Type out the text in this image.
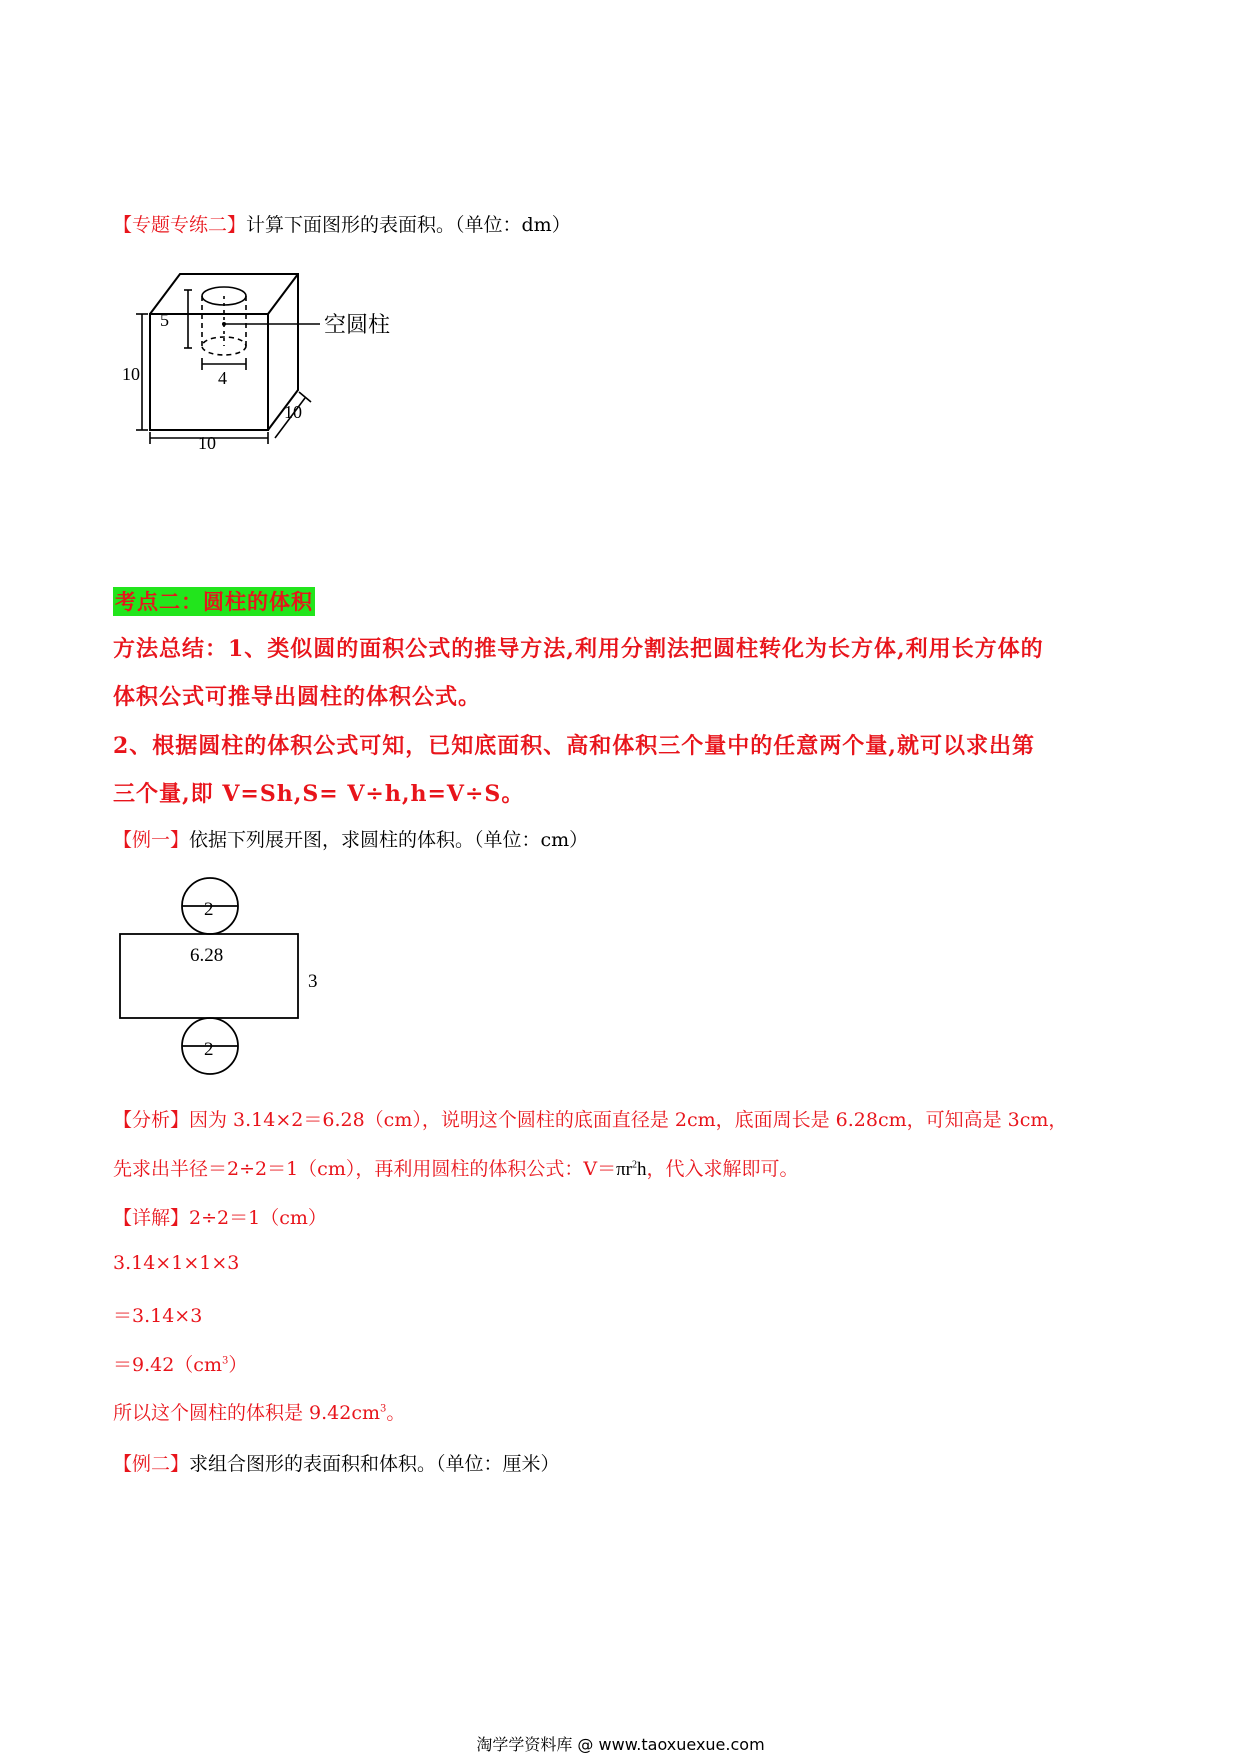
【专题专练二】计算下面图形的表面积。（单位：dm）
5
4
10
10
10
空圆柱
考点二：圆柱的体积
方法总结：1、类似圆的面积公式的推导方法,利用分割法把圆柱转化为长方体,利用长方体的
体积公式可推导出圆柱的体积公式。
2、根据圆柱的体积公式可知，已知底面积、高和体积三个量中的任意两个量,就可以求出第
三个量,即 V=Sh,S= V÷h,h=V÷S。
【例一】依据下列展开图，求圆柱的体积。（单位：cm）
2
6.28
3
2
【分析】因为 3.14×2＝6.28（cm），说明这个圆柱的底面直径是 2cm，底面周长是 6.28cm，可知高是 3cm，
先求出半径＝2÷2＝1（cm），再利用圆柱的体积公式：$V=\pi r^2h$，代入求解即可。
【详解】2÷2＝1（cm）
3.14×1×1×3
＝3.14×3
$=9.42(cm^3)$
所以这个圆柱的体积是 $9.42cm^3$。
【例二】求组合图形的表面积和体积。（单位：厘米）
淘学学资料库 @ www.taoxuexue.com
